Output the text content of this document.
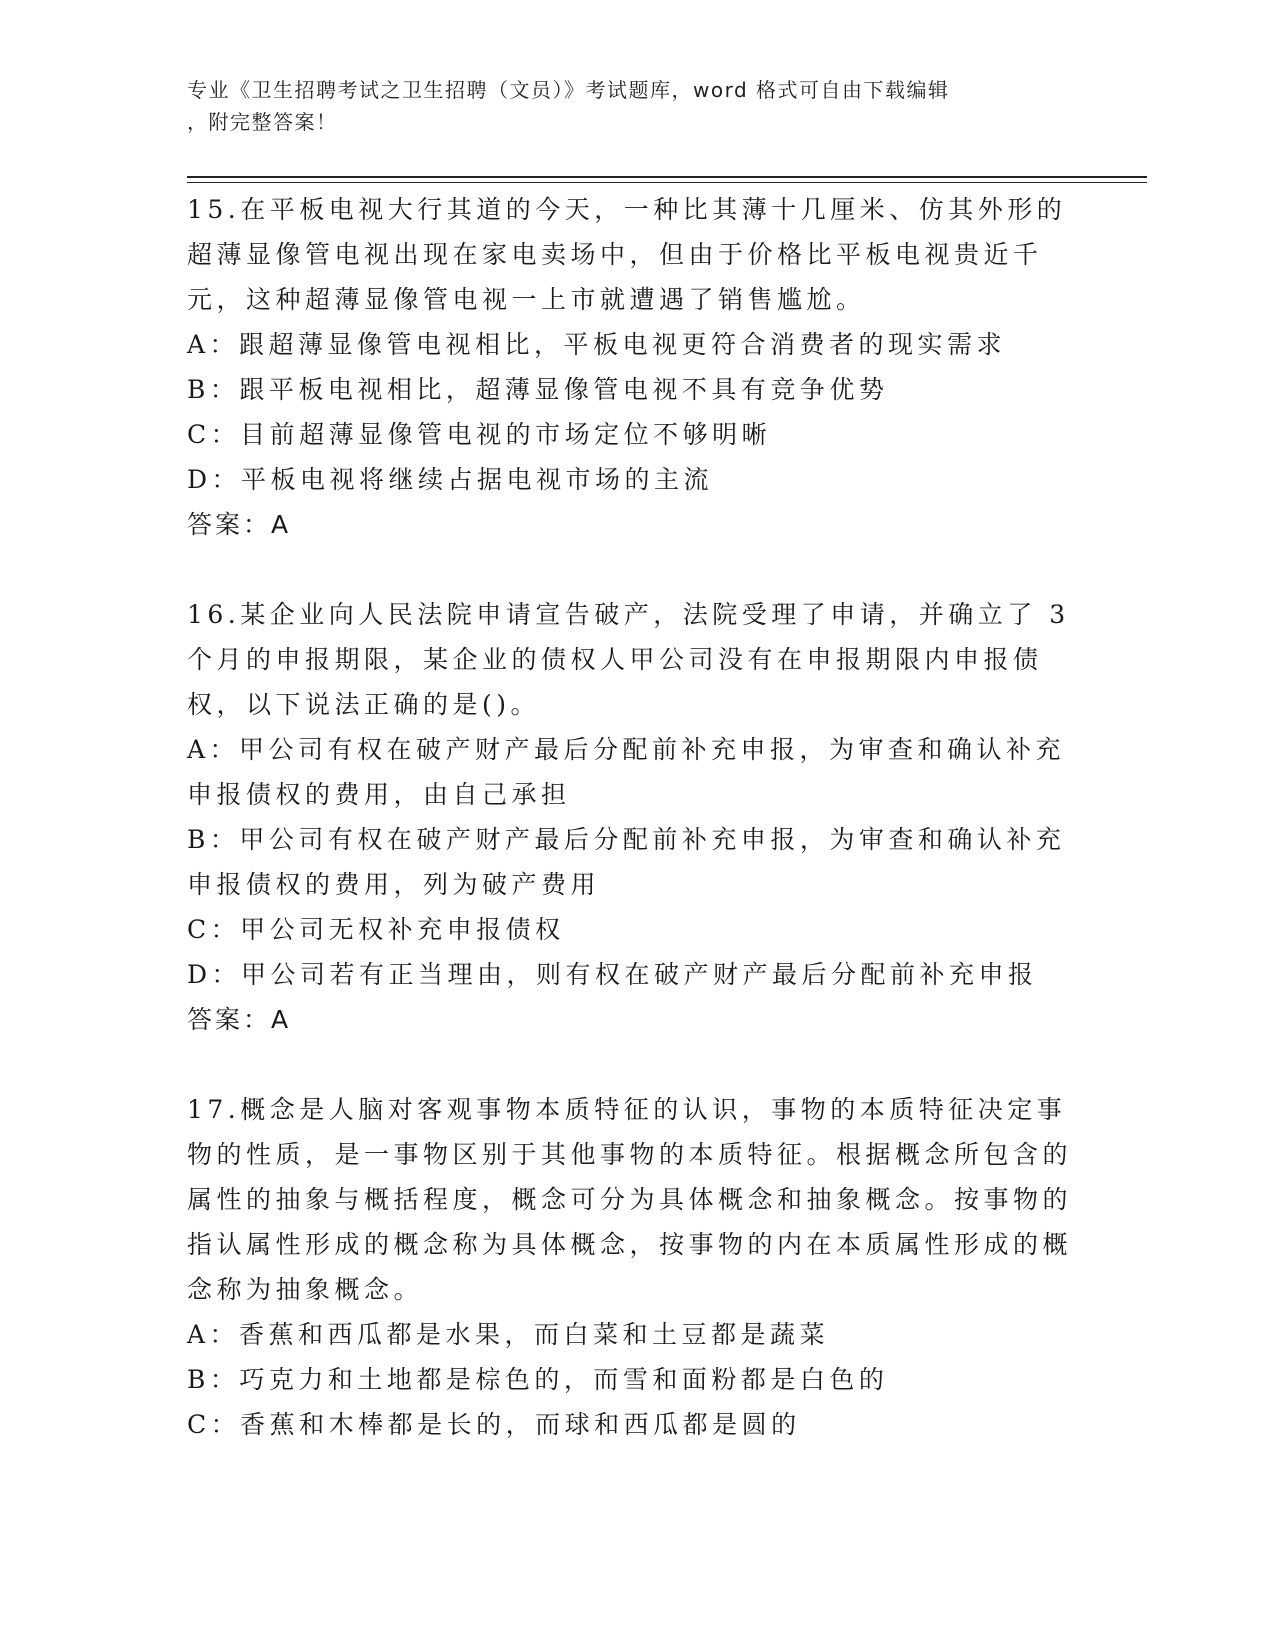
专业《卫生招聘考试之卫生招聘（文员）》考试题库，word 格式可自由下载编辑
，附完整答案！

15.在平板电视大行其道的今天，一种比其薄十几厘米、仿其外形的超薄显像管电视出现在家电卖场中，但由于价格比平板电视贵近千元，这种超薄显像管电视一上市就遭遇了销售尴尬。

A：跟超薄显像管电视相比，平板电视更符合消费者的现实需求

B：跟平板电视相比，超薄显像管电视不具有竞争优势

C：目前超薄显像管电视的市场定位不够明晰

D：平板电视将继续占据电视市场的主流

答案：A

16.某企业向人民法院申请宣告破产，法院受理了申请，并确立了 3 个月的申报期限，某企业的债权人甲公司没有在申报期限内申报债权，以下说法正确的是()。

A：甲公司有权在破产财产最后分配前补充申报，为审查和确认补充申报债权的费用，由自己承担

B：甲公司有权在破产财产最后分配前补充申报，为审查和确认补充申报债权的费用，列为破产费用

C：甲公司无权补充申报债权

D：甲公司若有正当理由，则有权在破产财产最后分配前补充申报

答案：A

17.概念是人脑对客观事物本质特征的认识，事物的本质特征决定事物的性质，是一事物区别于其他事物的本质特征。根据概念所包含的属性的抽象与概括程度，概念可分为具体概念和抽象概念。按事物的指认属性形成的概念称为具体概念，按事物的内在本质属性形成的概念称为抽象概念。

A：香蕉和西瓜都是水果，而白菜和土豆都是蔬菜

B：巧克力和土地都是棕色的，而雪和面粉都是白色的

C：香蕉和木棒都是长的，而球和西瓜都是圆的
